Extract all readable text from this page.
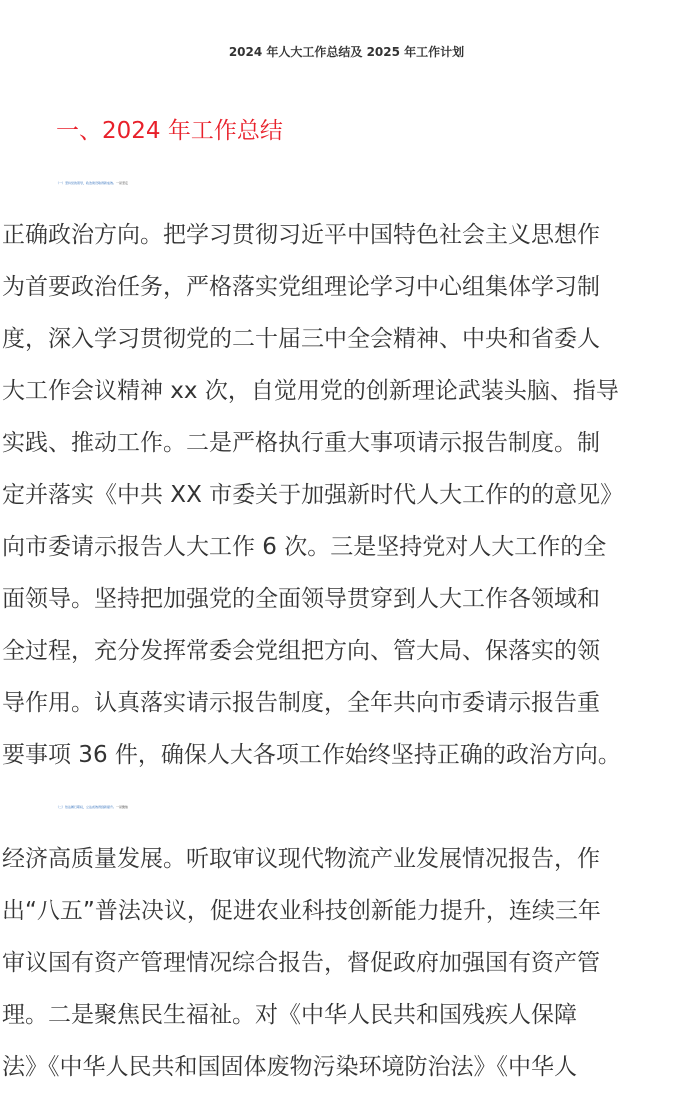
2024 年人大工作总结及 2025 年工作计划
一、2024 年工作总结
（一）坚持党的领导，政治建设取得新成效。一是坚定
正确政治方向。把学习贯彻习近平中国特色社会主义思想作
为首要政治任务，严格落实党组理论学习中心组集体学习制
度，深入学习贯彻党的二十届三中全会精神、中央和省委人
大工作会议精神 xx 次，自觉用党的创新理论武装头脑、指导
实践、推动工作。二是严格执行重大事项请示报告制度。制
定并落实《中共 XX 市委关于加强新时代人大工作的的意见》
向市委请示报告人大工作 6 次。三是坚持党对人大工作的全
面领导。坚持把加强党的全面领导贯穿到人大工作各领域和
全过程，充分发挥常委会党组把方向、管大局、保落实的领
导作用。认真落实请示报告制度，全年共向市委请示报告重
要事项 36 件，确保人大各项工作始终坚持正确的政治方向。
（二）依法履行职权，立法质效得到新提升。一是聚焦
经济高质量发展。听取审议现代物流产业发展情况报告，作
出“八五”普法决议，促进农业科技创新能力提升，连续三年
审议国有资产管理情况综合报告，督促政府加强国有资产管
理。二是聚焦民生福祉。对《中华人民共和国残疾人保障
法》《中华人民共和国固体废物污染环境防治法》《中华人
